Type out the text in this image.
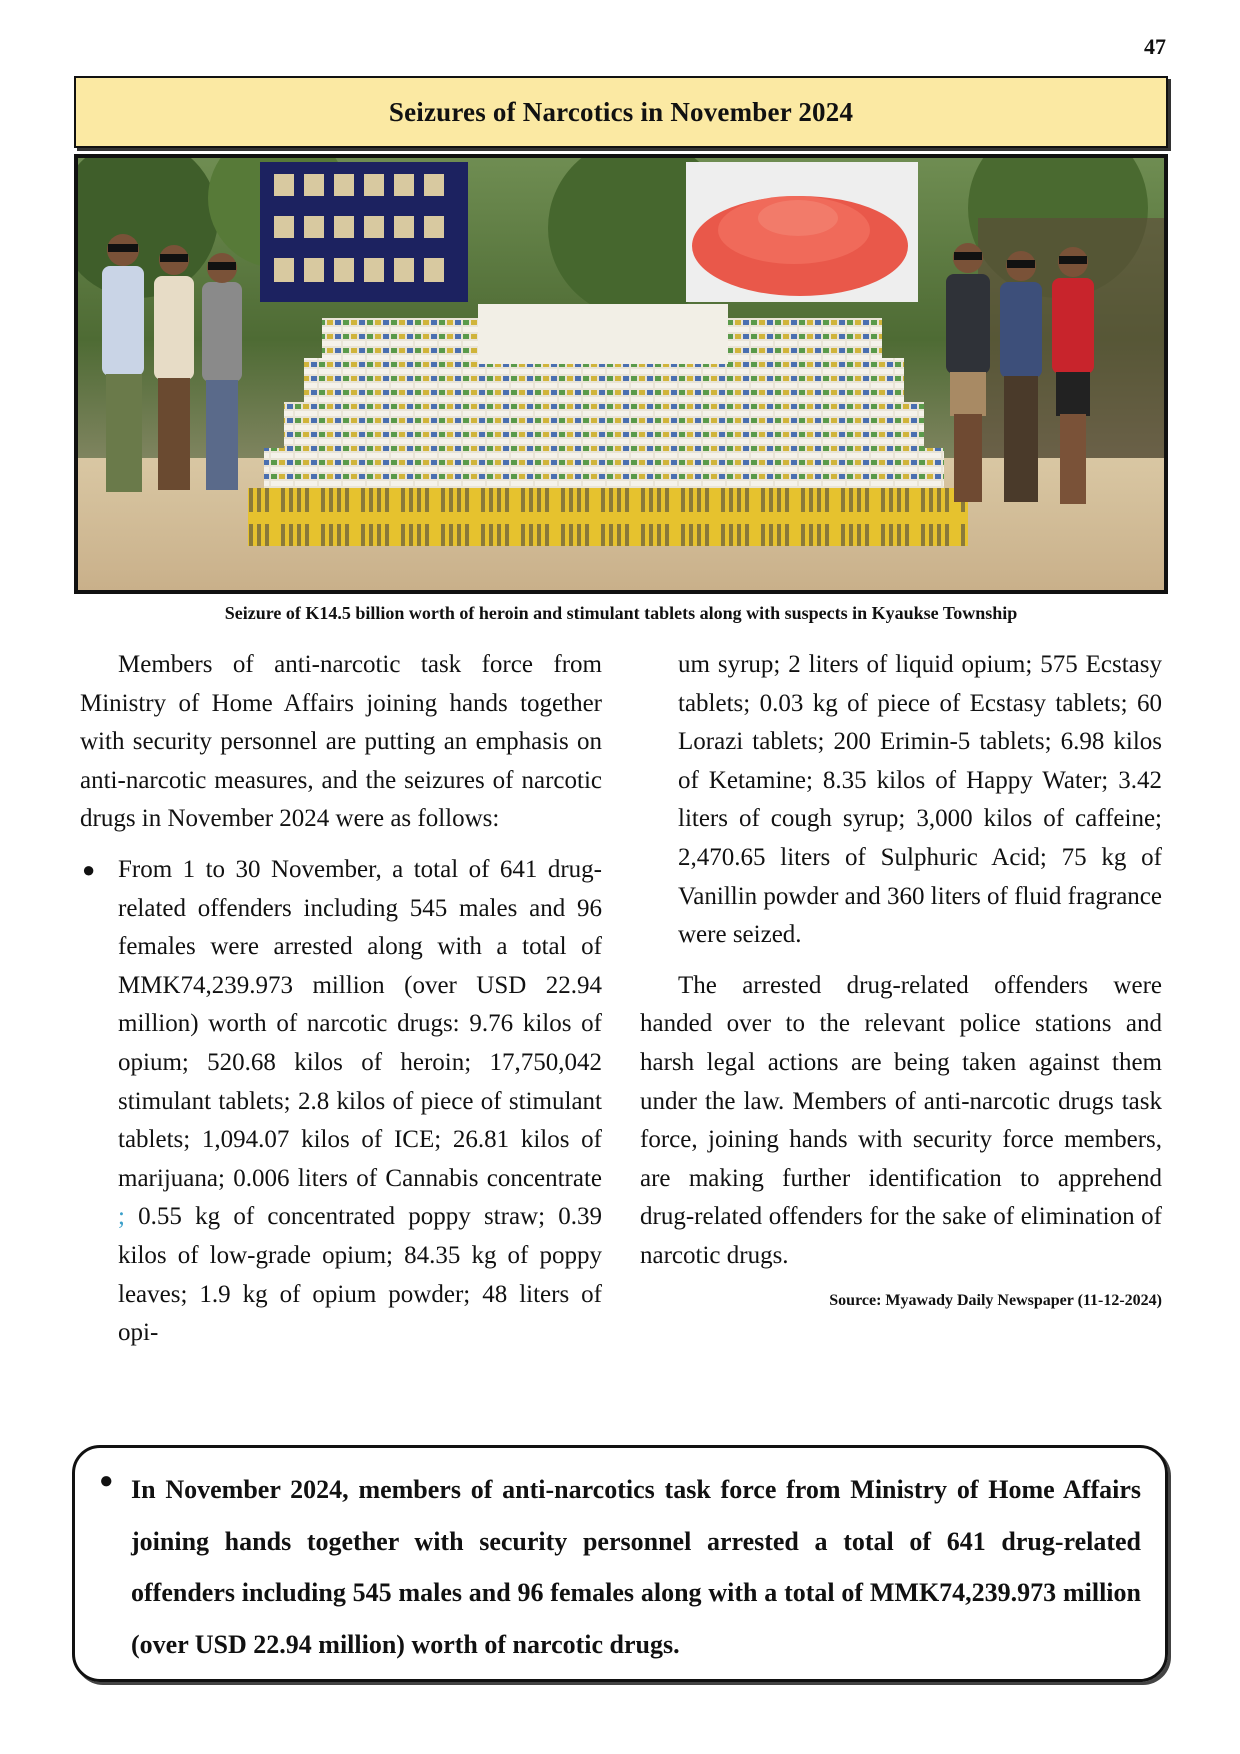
47
Seizures of Narcotics in November 2024
Seizure of K14.5 billion worth of heroin and stimulant tablets along with suspects in Kyaukse Township

Members of anti-narcotic task force from Ministry of Home Affairs joining hands together with security personnel are putting an emphasis on anti-narcotic measures, and the seizures of narcotic drugs in November 2024 were as follows:

● From 1 to 30 November, a total of 641 drug-related offenders including 545 males and 96 females were arrested along with a total of MMK74,239.973 million (over USD 22.94 million) worth of narcotic drugs: 9.76 kilos of opium; 520.68 kilos of heroin; 17,750,042 stimulant tablets; 2.8 kilos of piece of stimulant tablets; 1,094.07 kilos of ICE; 26.81 kilos of marijuana; 0.006 liters of Cannabis concentrate ; 0.55 kg of concentrated poppy straw; 0.39 kilos of low-grade opium; 84.35 kg of poppy leaves; 1.9 kg of opium powder; 48 liters of opi-

um syrup; 2 liters of liquid opium; 575 Ecstasy tablets; 0.03 kg of piece of Ecstasy tablets; 60 Lorazi tablets; 200 Erimin-5 tablets; 6.98 kilos of Ketamine; 8.35 kilos of Happy Water; 3.42 liters of cough syrup; 3,000 kilos of caffeine; 2,470.65 liters of Sulphuric Acid; 75 kg of Vanillin powder and 360 liters of fluid fragrance were seized.

The arrested drug-related offenders were handed over to the relevant police stations and harsh legal actions are being taken against them under the law. Members of anti-narcotic drugs task force, joining hands with security force members, are making further identification to apprehend drug-related offenders for the sake of elimination of narcotic drugs.

Source: Myawady Daily Newspaper (11-12-2024)

● In November 2024, members of anti-narcotics task force from Ministry of Home Affairs joining hands together with security personnel arrested a total of 641 drug-related offenders including 545 males and 96 females along with a total of MMK74,239.973 million (over USD 22.94 million) worth of narcotic drugs.
